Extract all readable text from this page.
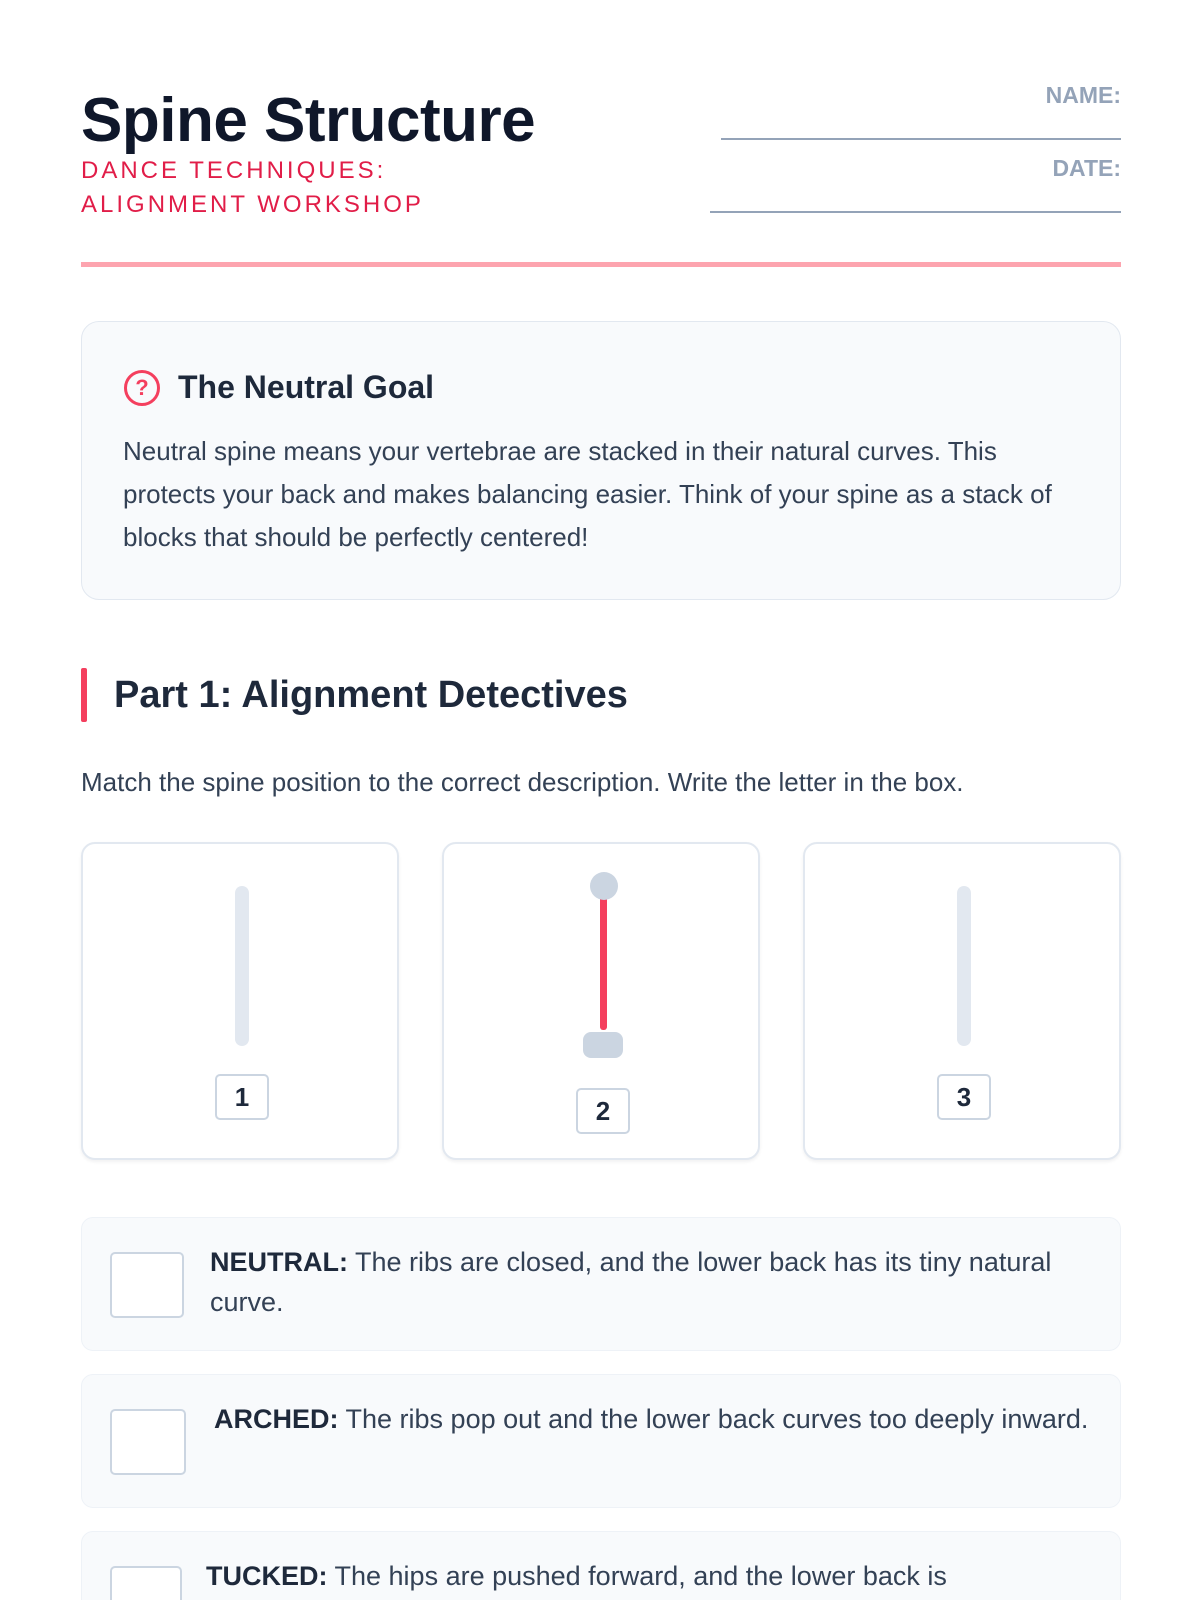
Spine Structure
DANCE TECHNIQUES: ALIGNMENT WORKSHOP
NAME:
DATE:
? The Neutral Goal
Neutral spine means your vertebrae are stacked in their natural curves. This protects your back and makes balancing easier. Think of your spine as a stack of blocks that should be perfectly centered!
Part 1: Alignment Detectives
Match the spine position to the correct description. Write the letter in the box.
1	2	3
NEUTRAL: The ribs are closed, and the lower back has its tiny natural curve.
ARCHED: The ribs pop out and the lower back curves too deeply inward.
TUCKED: The hips are pushed forward, and the lower back is
